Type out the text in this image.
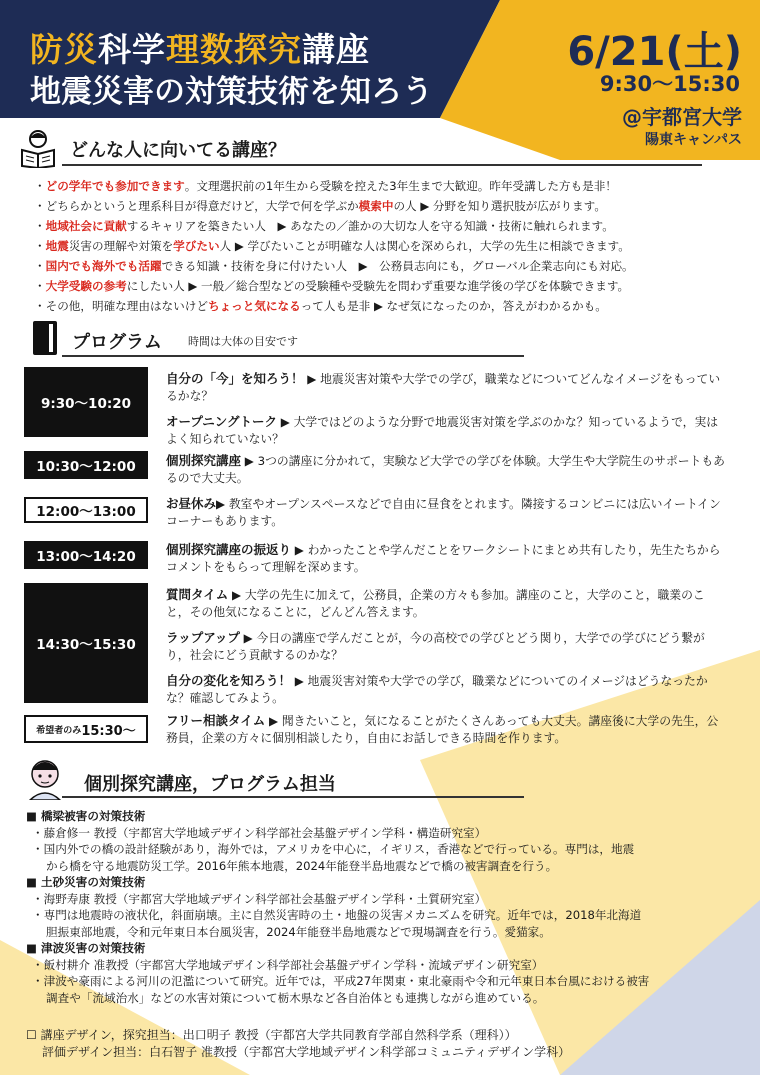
防災科学理数探究講座
地震災害の対策技術を知ろう
6/21(土)
9:30～15:30
@宇都宮大学
陽東キャンパス
どんな人に向いてる講座？
・どの学年でも参加できます。文理選択前の1年生から受験を控えた3年生まで大歓迎。昨年受講した方も是非！
・どちらかというと理系科目が得意だけど，大学で何を学ぶか模索中の人 ▶ 分野を知り選択肢が広がります。
・地域社会に貢献するキャリアを築きたい人　▶ あなたの／誰かの大切な人を守る知識・技術に触れられます。
・地震災害の理解や対策を学びたい人 ▶ 学びたいことが明確な人は関心を深められ，大学の先生に相談できます。
・国内でも海外でも活躍できる知識・技術を身に付けたい人　▶　公務員志向にも，グローバル企業志向にも対応。
・大学受験の参考にしたい人 ▶ 一般／総合型などの受験種や受験先を問わず重要な進学後の学びを体験できます。
・その他，明確な理由はないけどちょっと気になるって人も是非 ▶ なぜ気になったのか，答えがわかるかも。
プログラム 時間は大体の目安です
9:30～10:20
自分の「今」を知ろう！ ▶ 地震災害対策や大学での学び，職業などについてどんなイメージをもっているかな？
オープニングトーク ▶ 大学ではどのような分野で地震災害対策を学ぶのかな？知っているようで，実はよく知られていない？
10:30～12:00	個別探究講座 ▶ 3つの講座に分かれて，実験など大学での学びを体験。大学生や大学院生のサポートもあるので大丈夫。
12:00～13:00
お昼休み▶ 教室やオープンスペースなどで自由に昼食をとれます。隣接するコンビニには広いイートインコーナーもあります。
13:00～14:20	個別探究講座の振返り ▶ わかったことや学んだことをワークシートにまとめ共有したり，先生たちからコメントをもらって理解を深めます。
14:30～15:30
質問タイム ▶ 大学の先生に加えて，公務員，企業の方々も参加。講座のこと，大学のこと，職業のこと，その他気になることに，どんどん答えます。
ラップアップ ▶ 今日の講座で学んだことが，今の高校での学びとどう関り，大学での学びにどう繋がり，社会にどう貢献するのかな？
自分の変化を知ろう！ ▶ 地震災害対策や大学での学び，職業などについてのイメージはどうなったかな？確認してみよう。
希望者のみ 15:30～
フリー相談タイム ▶ 聞きたいこと，気になることがたくさんあっても大丈夫。講座後に大学の先生，公務員，企業の方々に個別相談したり，自由にお話しできる時間を作ります。
個別探究講座，プログラム担当
■ 橋梁被害の対策技術
・藤倉修一 教授（宇都宮大学地域デザイン科学部社会基盤デザイン学科・構造研究室）
・国内外での橋の設計経験があり，海外では，アメリカを中心に，イギリス，香港などで行っている。専門は，地震
から橋を守る地震防災工学。2016年熊本地震，2024年能登半島地震などで橋の被害調査を行う。
■ 土砂災害の対策技術
・海野寿康 教授（宇都宮大学地域デザイン科学部社会基盤デザイン学科・土質研究室）
・専門は地震時の液状化，斜面崩壊。主に自然災害時の土・地盤の災害メカニズムを研究。近年では，2018年北海道
胆振東部地震，令和元年東日本台風災害，2024年能登半島地震などで現場調査を行う。愛猫家。
■ 津波災害の対策技術
・飯村耕介 准教授（宇都宮大学地域デザイン科学部社会基盤デザイン学科・流域デザイン研究室）
・津波や豪雨による河川の氾濫について研究。近年では，平成27年関東・東北豪雨や令和元年東日本台風における被害
調査や「流域治水」などの水害対策について栃木県など各自治体とも連携しながら進めている。
☐ 講座デザイン，探究担当：出口明子 教授（宇都宮大学共同教育学部自然科学系（理科））
評価デザイン担当：白石智子 准教授（宇都宮大学地域デザイン科学部コミュニティデザイン学科）
